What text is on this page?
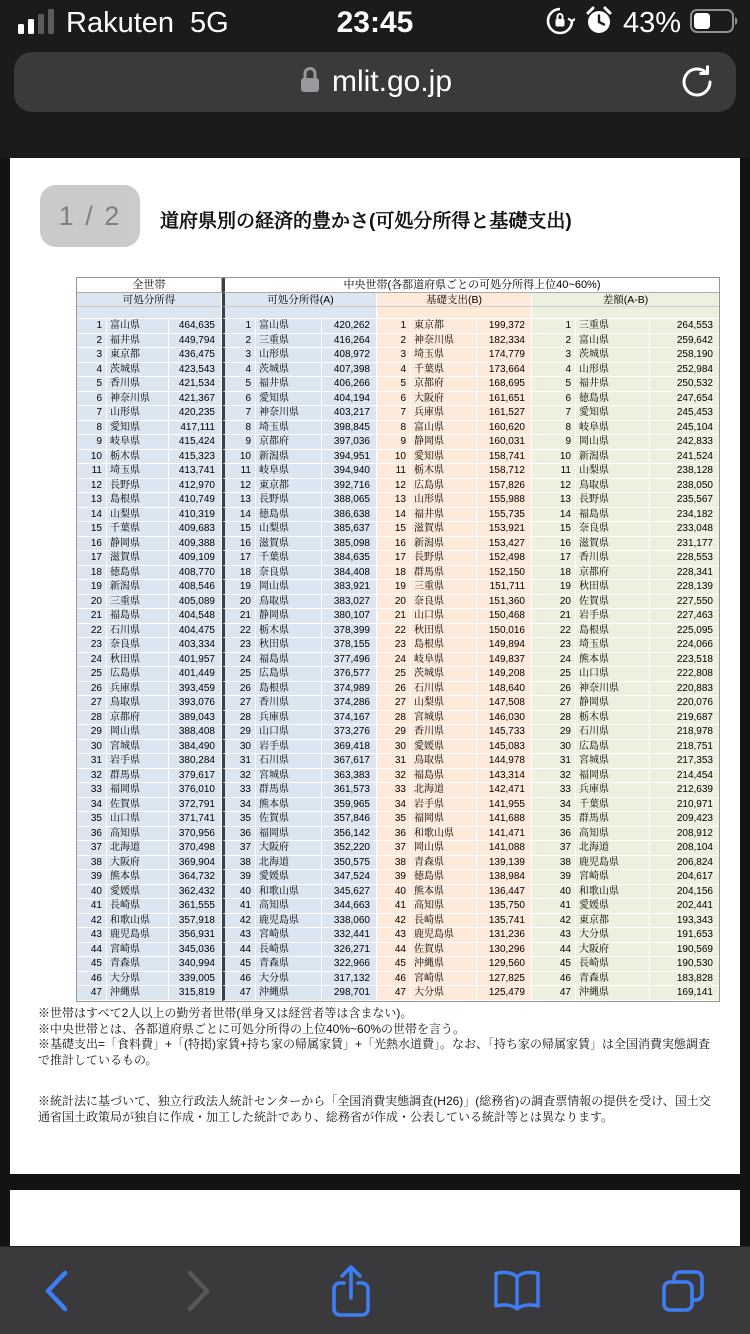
Rakuten 5G	23:45	43%
mlit.go.jp
1 / 2	道府県別の経済的豊かさ(可処分所得と基礎支出)
全世帯	中央世帯(各都道府県ごとの可処分所得上位40~60%)
可処分所得	可処分所得(A)	基礎支出(B)	差額(A-B)
1 富山県	464,635	1 富山県	420,262	1 東京都	199,372	1 三重県	264,553
2 福井県	449,794	2 三重県	416,264	2 神奈川県	182,334	2 富山県	259,642
3 東京都	436,475	3 山形県	408,972	3 埼玉県	174,779	3 茨城県	258,190
4 茨城県	423,543	4 茨城県	407,398	4 千葉県	173,664	4 山形県	252,984
5 香川県	421,534	5 福井県	406,266	5 京都府	168,695	5 福井県	250,532
6 神奈川県	421,367	6 愛知県	404,194	6 大阪府	161,651	6 徳島県	247,654
7 山形県	420,235	7 神奈川県	403,217	7 兵庫県	161,527	7 愛知県	245,453
8 愛知県	417,111	8 埼玉県	398,845	8 富山県	160,620	8 岐阜県	245,104
9 岐阜県	415,424	9 京都府	397,036	9 静岡県	160,031	9 岡山県	242,833
10 栃木県	415,323	10 新潟県	394,951	10 愛知県	158,741	10 新潟県	241,524
11 埼玉県	413,741	11 岐阜県	394,940	11 栃木県	158,712	11 山梨県	238,128
12 長野県	412,970	12 東京都	392,716	12 広島県	157,826	12 鳥取県	238,050
13 島根県	410,749	13 長野県	388,065	13 山形県	155,988	13 長野県	235,567
14 山梨県	410,319	14 徳島県	386,638	14 福井県	155,735	14 福島県	234,182
15 千葉県	409,683	15 山梨県	385,637	15 滋賀県	153,921	15 奈良県	233,048
16 静岡県	409,388	16 滋賀県	385,098	16 新潟県	153,427	16 滋賀県	231,177
17 滋賀県	409,109	17 千葉県	384,635	17 長野県	152,498	17 香川県	228,553
18 徳島県	408,770	18 奈良県	384,408	18 群馬県	152,150	18 京都府	228,341
19 新潟県	408,546	19 岡山県	383,921	19 三重県	151,711	19 秋田県	228,139
20 三重県	405,089	20 鳥取県	383,027	20 奈良県	151,360	20 佐賀県	227,550
21 福島県	404,548	21 静岡県	380,107	21 山口県	150,468	21 岩手県	227,463
22 石川県	404,475	22 栃木県	378,399	22 秋田県	150,016	22 島根県	225,095
23 奈良県	403,334	23 秋田県	378,155	23 島根県	149,894	23 埼玉県	224,066
24 秋田県	401,957	24 福島県	377,496	24 岐阜県	149,837	24 熊本県	223,518
25 広島県	401,449	25 広島県	376,577	25 茨城県	149,208	25 山口県	222,808
26 兵庫県	393,459	26 島根県	374,989	26 石川県	148,640	26 神奈川県	220,883
27 鳥取県	393,076	27 香川県	374,286	27 山梨県	147,508	27 静岡県	220,076
28 京都府	389,043	28 兵庫県	374,167	28 宮城県	146,030	28 栃木県	219,687
29 岡山県	388,408	29 山口県	373,276	29 香川県	145,733	29 石川県	218,978
30 宮城県	384,490	30 岩手県	369,418	30 愛媛県	145,083	30 広島県	218,751
31 岩手県	380,284	31 石川県	367,617	31 鳥取県	144,978	31 宮城県	217,353
32 群馬県	379,617	32 宮城県	363,383	32 福島県	143,314	32 福岡県	214,454
33 福岡県	376,010	33 群馬県	361,573	33 北海道	142,471	33 兵庫県	212,639
34 佐賀県	372,791	34 熊本県	359,965	34 岩手県	141,955	34 千葉県	210,971
35 山口県	371,741	35 佐賀県	357,846	35 福岡県	141,688	35 群馬県	209,423
36 高知県	370,956	36 福岡県	356,142	36 和歌山県	141,471	36 高知県	208,912
37 北海道	370,498	37 大阪府	352,220	37 岡山県	141,088	37 北海道	208,104
38 大阪府	369,904	38 北海道	350,575	38 青森県	139,139	38 鹿児島県	206,824
39 熊本県	364,732	39 愛媛県	347,524	39 徳島県	138,984	39 宮崎県	204,617
40 愛媛県	362,432	40 和歌山県	345,627	40 熊本県	136,447	40 和歌山県	204,156
41 長崎県	361,555	41 高知県	344,663	41 高知県	135,750	41 愛媛県	202,441
42 和歌山県	357,918	42 鹿児島県	338,060	42 長崎県	135,741	42 東京都	193,343
43 鹿児島県	356,931	43 宮崎県	332,441	43 鹿児島県	131,236	43 大分県	191,653
44 宮崎県	345,036	44 長崎県	326,271	44 佐賀県	130,296	44 大阪府	190,569
45 青森県	340,994	45 青森県	322,966	45 沖縄県	129,560	45 長崎県	190,530
46 大分県	339,005	46 大分県	317,132	46 宮崎県	127,825	46 青森県	183,828
47 沖縄県	315,819	47 沖縄県	298,701	47 大分県	125,479	47 沖縄県	169,141

※世帯はすべて2人以上の勤労者世帯(単身又は経営者等は含まない)。

※中央世帯とは、各都道府県ごとに可処分所得の上位40%~60%の世帯を言う。

※基礎支出=「食料費」+「(特掲)家賃+持ち家の帰属家賃」+「光熱水道費」。なお、「持ち家の帰属家賃」は全国消費実態調査で推計しているもの。

※統計法に基づいて、独立行政法人統計センターから「全国消費実態調査(H26)」(総務省)の調査票情報の提供を受け、国土交通省国土政策局が独自に作成・加工した統計であり、総務省が作成・公表している統計等とは異なります。
